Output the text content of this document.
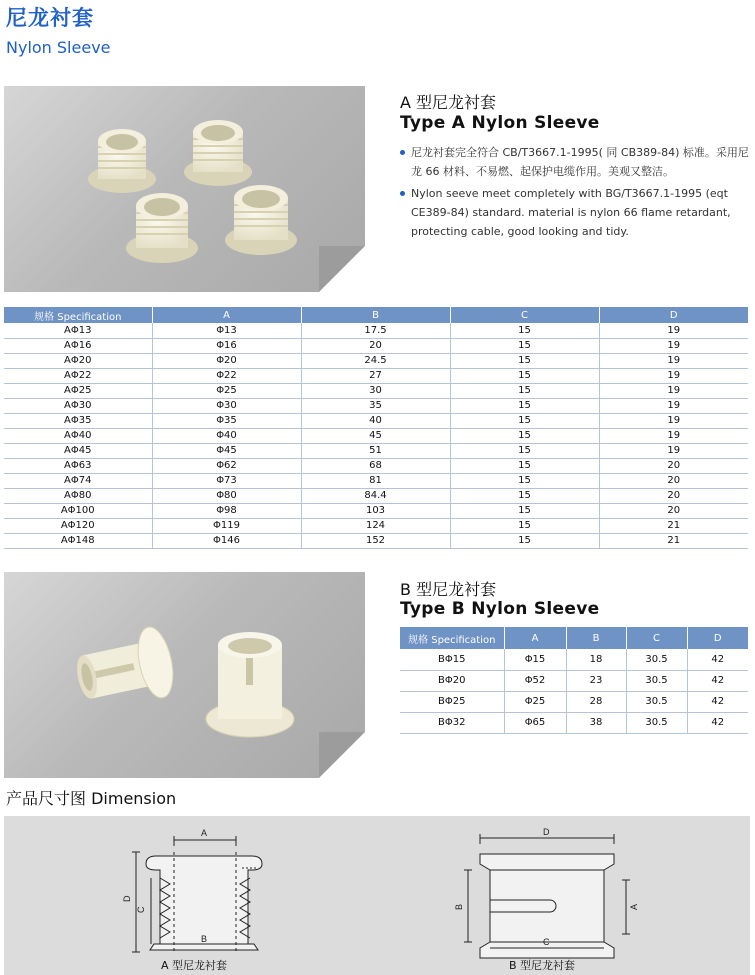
尼龙衬套
Nylon Sleeve
A 型尼龙衬套
Type A Nylon Sleeve
尼龙衬套完全符合 CB/T3667.1-1995( 同 CB389-84) 标准。采用尼龙 66 材料、不易燃、起保护电缆作用。美观又整洁。
Nylon seeve meet completely with BG/T3667.1-1995 (eqt CE389-84) standard. material is nylon 66 flame retardant, protecting cable, good looking and tidy.
规格 Specification	A	B	C	D
AΦ13	Φ13	17.5	15	19
AΦ16	Φ16	20	15	19
AΦ20	Φ20	24.5	15	19
AΦ22	Φ22	27	15	19
AΦ25	Φ25	30	15	19
AΦ30	Φ30	35	15	19
AΦ35	Φ35	40	15	19
AΦ40	Φ40	45	15	19
AΦ45	Φ45	51	15	19
AΦ63	Φ62	68	15	20
AΦ74	Φ73	81	15	20
AΦ80	Φ80	84.4	15	20
AΦ100	Φ98	103	15	20
AΦ120	Φ119	124	15	21
AΦ148	Φ146	152	15	21
B 型尼龙衬套
Type B Nylon Sleeve
规格 Specification	A	B	C	D
BΦ15	Φ15	18	30.5	42
BΦ20	Φ52	23	30.5	42
BΦ25	Φ25	28	30.5	42
BΦ32	Φ65	38	30.5	42
产品尺寸图 Dimension
A
B
C
D
D
C
B	A
A 型尼龙衬套	B 型尼龙衬套
